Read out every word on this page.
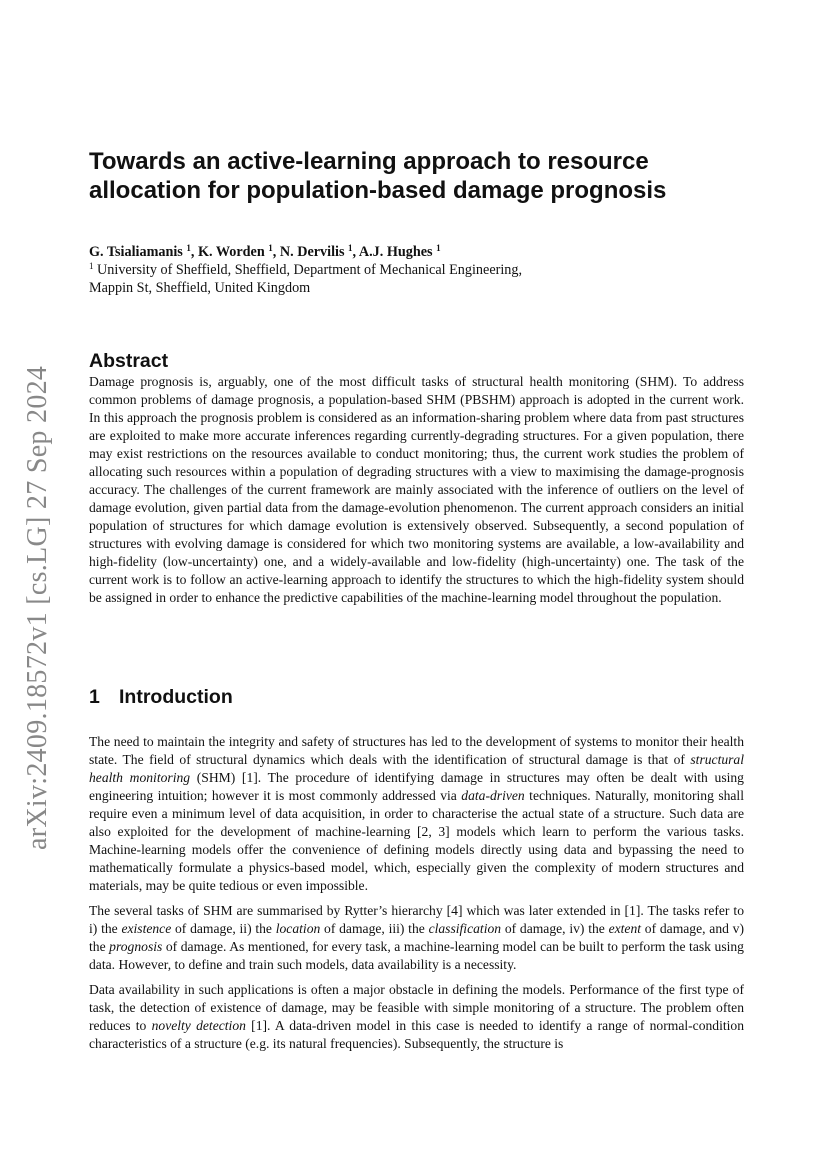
arXiv:2409.18572v1 [cs.LG] 27 Sep 2024
Towards an active-learning approach to resource allocation for population-based damage prognosis
G. Tsialiamanis $^1$, K. Worden $^1$, N. Dervilis $^1$, A.J. Hughes $^1$
$^1$ University of Sheffield, Sheffield, Department of Mechanical Engineering,
Mappin St, Sheffield, United Kingdom
Abstract

Damage prognosis is, arguably, one of the most difficult tasks of structural health monitoring (SHM). To address common problems of damage prognosis, a population-based SHM (PBSHM) approach is adopted in the current work. In this approach the prognosis problem is considered as an information-sharing problem where data from past structures are exploited to make more accurate inferences regarding currently-degrading structures. For a given population, there may exist restrictions on the resources available to conduct monitoring; thus, the current work studies the problem of allocating such resources within a population of degrading structures with a view to maximising the damage-prognosis accuracy. The challenges of the current framework are mainly associated with the inference of outliers on the level of damage evolution, given partial data from the damage-evolution phenomenon. The current approach considers an initial population of structures for which damage evolution is extensively observed. Subsequently, a second population of structures with evolving damage is considered for which two monitoring systems are available, a low-availability and high-fidelity (low-uncertainty) one, and a widely-available and low-fidelity (high-uncertainty) one. The task of the current work is to follow an active-learning approach to identify the structures to which the high-fidelity system should be assigned in order to enhance the predictive capabilities of the machine-learning model throughout the population.

1 Introduction

The need to maintain the integrity and safety of structures has led to the development of systems to monitor their health state. The field of structural dynamics which deals with the identification of structural damage is that of structural health monitoring (SHM) [1]. The procedure of identifying damage in structures may often be dealt with using engineering intuition; however it is most commonly addressed via data-driven techniques. Naturally, monitoring shall require even a minimum level of data acquisition, in order to characterise the actual state of a structure. Such data are also exploited for the development of machine-learning [2, 3] models which learn to perform the various tasks. Machine-learning models offer the convenience of defining models directly using data and bypassing the need to mathematically formulate a physics-based model, which, especially given the complexity of modern structures and materials, may be quite tedious or even impossible.

The several tasks of SHM are summarised by Rytter’s hierarchy [4] which was later extended in [1]. The tasks refer to i) the existence of damage, ii) the location of damage, iii) the classification of damage, iv) the extent of damage, and v) the prognosis of damage. As mentioned, for every task, a machine-learning model can be built to perform the task using data. However, to define and train such models, data availability is a necessity.

Data availability in such applications is often a major obstacle in defining the models. Performance of the first type of task, the detection of existence of damage, may be feasible with simple monitoring of a structure. The problem often reduces to novelty detection [1]. A data-driven model in this case is needed to identify a range of normal-condition characteristics of a structure (e.g. its natural frequencies). Subsequently, the structure is
